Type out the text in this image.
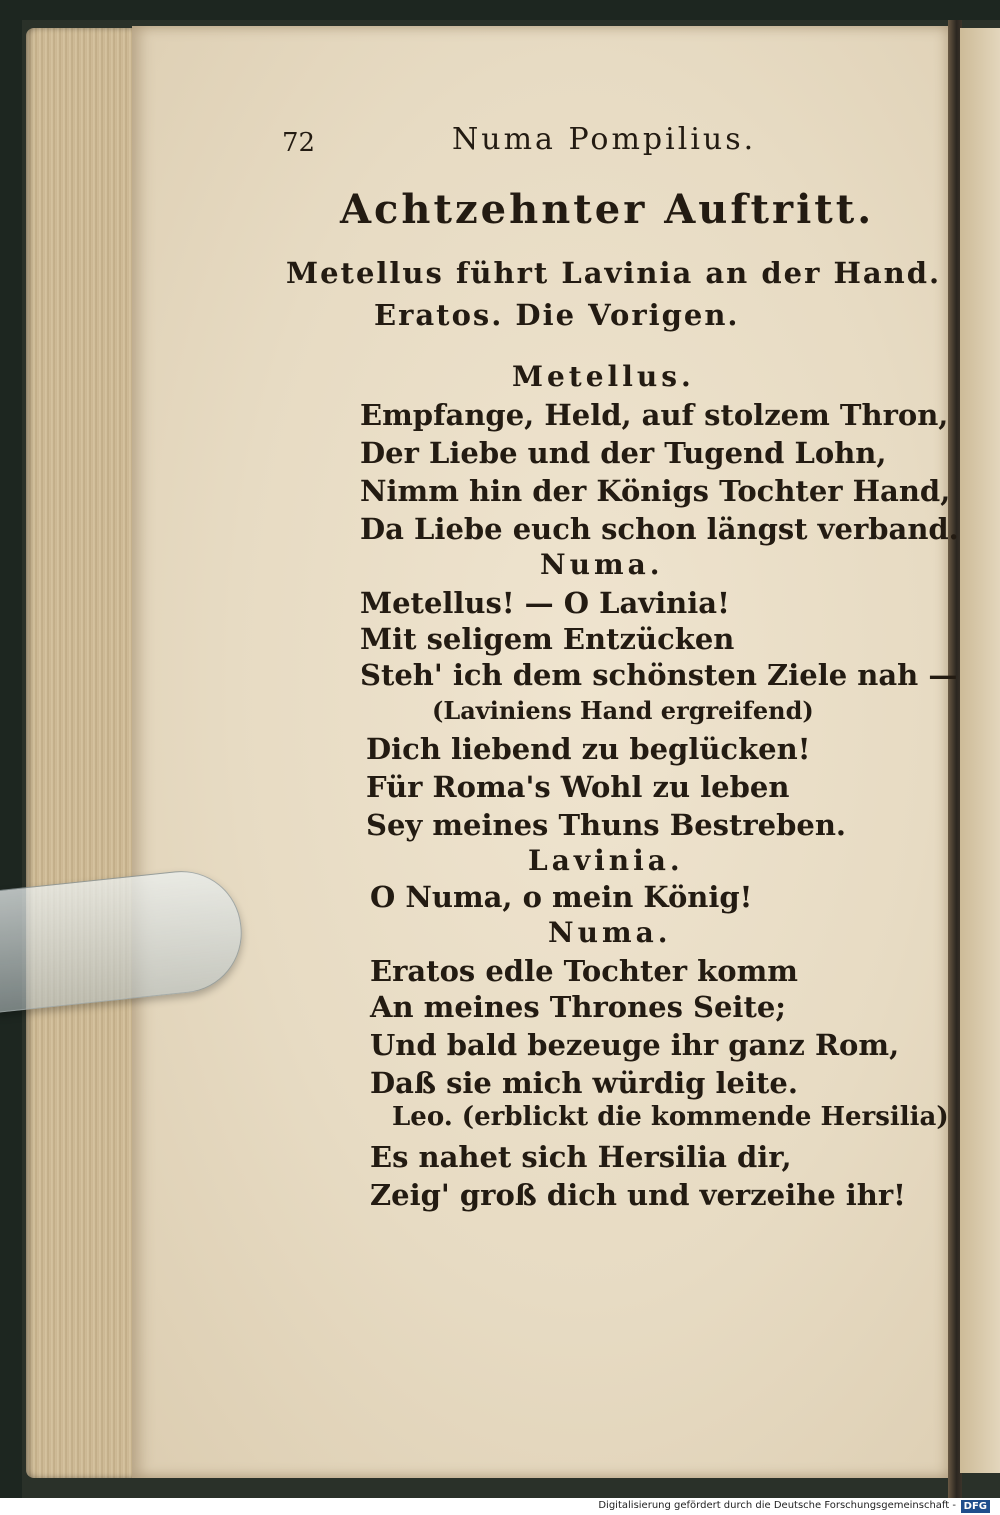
72	Numa Pompilius.
Achtzehnter Auftritt.
Metellus führt Lavinia an der Hand.
Eratos. Die Vorigen.
Metellus.
Empfange, Held, auf stolzem Thron,
Der Liebe und der Tugend Lohn,
Nimm hin der Königs Tochter Hand,
Da Liebe euch schon längst verband.
Numa.
Metellus! — O Lavinia!
Mit seligem Entzücken
Steh' ich dem schönsten Ziele nah —
(Laviniens Hand ergreifend)
Dich liebend zu beglücken!
Für Roma's Wohl zu leben
Sey meines Thuns Bestreben.
Lavinia.
O Numa, o mein König!
Numa.
Eratos edle Tochter komm
An meines Thrones Seite;
Und bald bezeuge ihr ganz Rom,
Daß sie mich würdig leite.
Leo. (erblickt die kommende Hersilia)
Es nahet sich Hersilia dir,
Zeig' groß dich und verzeihe ihr!
Digitalisierung gefördert durch die Deutsche Forschungsgemeinschaft - DFG
